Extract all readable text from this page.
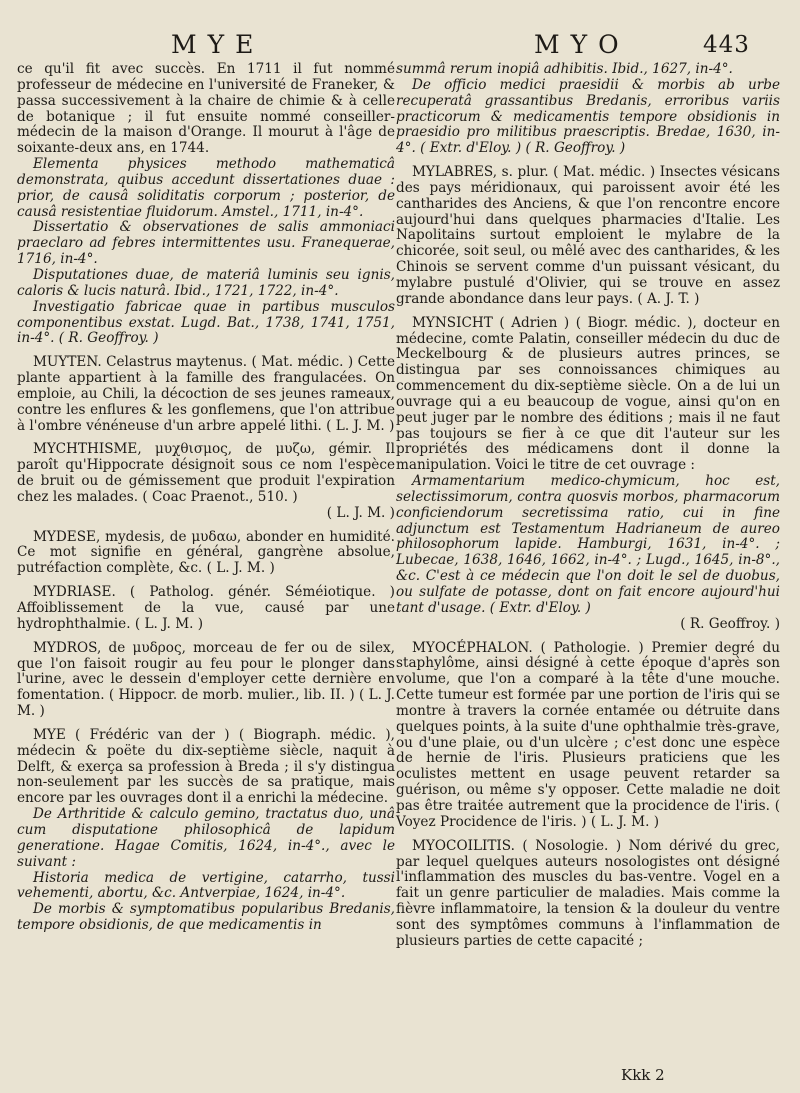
MYE	MYO	443

ce qu'il fit avec succès. En 1711 il fut nommé professeur de médecine en l'université de Franeker, & passa successivement à la chaire de chimie & à celle de botanique ; il fut ensuite nommé conseiller-médecin de la maison d'Orange. Il mourut à l'âge de soixante-deux ans, en 1744.

Elementa physices methodo mathematicâ demonstrata, quibus accedunt dissertationes duae : prior, de causâ soliditatis corporum ; posterior, de causâ resistentiae fluidorum. Amstel., 1711, in-4°.

Dissertatio & observationes de salis ammoniaci praeclaro ad febres intermittentes usu. Franequerae, 1716, in-4°.

Disputationes duae, de materiâ luminis seu ignis, caloris & lucis naturâ. Ibid., 1721, 1722, in-4°.

Investigatio fabricae quae in partibus musculos componentibus exstat. Lugd. Bat., 1738, 1741, 1751, in-4°. ( R. Geoffroy. )

MUYTEN. Celastrus maytenus. ( Mat. médic. ) Cette plante appartient à la famille des frangulacées. On emploie, au Chili, la décoction de ses jeunes rameaux, contre les enflures & les gonflemens, que l'on attribue à l'ombre vénéneuse d'un arbre appelé lithi. ( L. J. M. )

MYCHTHISME, μυχθισμος, de μυζω, gémir. Il paroît qu'Hippocrate désignoit sous ce nom l'espèce de bruit ou de gémissement que produit l'expiration chez les malades. ( Coac Praenot., 510. )

( L. J. M. )

MYDESE, mydesis, de μυδαω, abonder en humidité. Ce mot signifie en général, gangrène absolue, putréfaction complète, &c. ( L. J. M. )

MYDRIASE. ( Patholog. génér. Séméiotique. ) Affoiblissement de la vue, causé par une hydrophthalmie. ( L. J. M. )

MYDROS, de μυδρος, morceau de fer ou de silex, que l'on faisoit rougir au feu pour le plonger dans l'urine, avec le dessein d'employer cette dernière en fomentation. ( Hippocr. de morb. mulier., lib. II. ) ( L. J. M. )

MYE ( Frédéric van der ) ( Biograph. médic. ), médecin & poëte du dix-septième siècle, naquit à Delft, & exerça sa profession à Breda ; il s'y distingua non-seulement par les succès de sa pratique, mais encore par les ouvrages dont il a enrichi la médecine.

De Arthritide & calculo gemino, tractatus duo, unâ cum disputatione philosophicâ de lapidum generatione. Hagae Comitis, 1624, in-4°., avec le suivant :

Historia medica de vertigine, catarrho, tussi vehementi, abortu, &c. Antverpiae, 1624, in-4°.

De morbis & symptomatibus popularibus Bredanis, tempore obsidionis, de que medicamentis in

summâ rerum inopiâ adhibitis. Ibid., 1627, in-4°.

De officio medici praesidii & morbis ab urbe recuperatâ grassantibus Bredanis, erroribus variis practicorum & medicamentis tempore obsidionis in praesidio pro militibus praescriptis. Bredae, 1630, in-4°. ( Extr. d'Eloy. ) ( R. Geoffroy. )

MYLABRES, s. plur. ( Mat. médic. ) Insectes vésicans des pays méridionaux, qui paroissent avoir été les cantharides des Anciens, & que l'on rencontre encore aujourd'hui dans quelques pharmacies d'Italie. Les Napolitains surtout emploient le mylabre de la chicorée, soit seul, ou mêlé avec des cantharides, & les Chinois se servent comme d'un puissant vésicant, du mylabre pustulé d'Olivier, qui se trouve en assez grande abondance dans leur pays. ( A. J. T. )

MYNSICHT ( Adrien ) ( Biogr. médic. ), docteur en médecine, comte Palatin, conseiller médecin du duc de Meckelbourg & de plusieurs autres princes, se distingua par ses connoissances chimiques au commencement du dix-septième siècle. On a de lui un ouvrage qui a eu beaucoup de vogue, ainsi qu'on en peut juger par le nombre des éditions ; mais il ne faut pas toujours se fier à ce que dit l'auteur sur les propriétés des médicamens dont il donne la manipulation. Voici le titre de cet ouvrage :

Armamentarium medico-chymicum, hoc est, selectissimorum, contra quosvis morbos, pharmacorum conficiendorum secretissima ratio, cui in fine adjunctum est Testamentum Hadrianeum de aureo philosophorum lapide. Hamburgi, 1631, in-4°. ; Lubecae, 1638, 1646, 1662, in-4°. ; Lugd., 1645, in-8°., &c. C'est à ce médecin que l'on doit le sel de duobus, ou sulfate de potasse, dont on fait encore aujourd'hui tant d'usage. ( Extr. d'Eloy. )

( R. Geoffroy. )

MYOCÉPHALON. ( Pathologie. ) Premier degré du staphylôme, ainsi désigné à cette époque d'après son volume, que l'on a comparé à la tête d'une mouche. Cette tumeur est formée par une portion de l'iris qui se montre à travers la cornée entamée ou détruite dans quelques points, à la suite d'une ophthalmie très-grave, ou d'une plaie, ou d'un ulcère ; c'est donc une espèce de hernie de l'iris. Plusieurs praticiens que les oculistes mettent en usage peuvent retarder sa guérison, ou même s'y opposer. Cette maladie ne doit pas être traitée autrement que la procidence de l'iris. ( Voyez Procidence de l'iris. ) ( L. J. M. )

MYOCOILITIS. ( Nosologie. ) Nom dérivé du grec, par lequel quelques auteurs nosologistes ont désigné l'inflammation des muscles du bas-ventre. Vogel en a fait un genre particulier de maladies. Mais comme la fièvre inflammatoire, la tension & la douleur du ventre sont des symptômes communs à l'inflammation de plusieurs parties de cette capacité ;

Kkk 2
